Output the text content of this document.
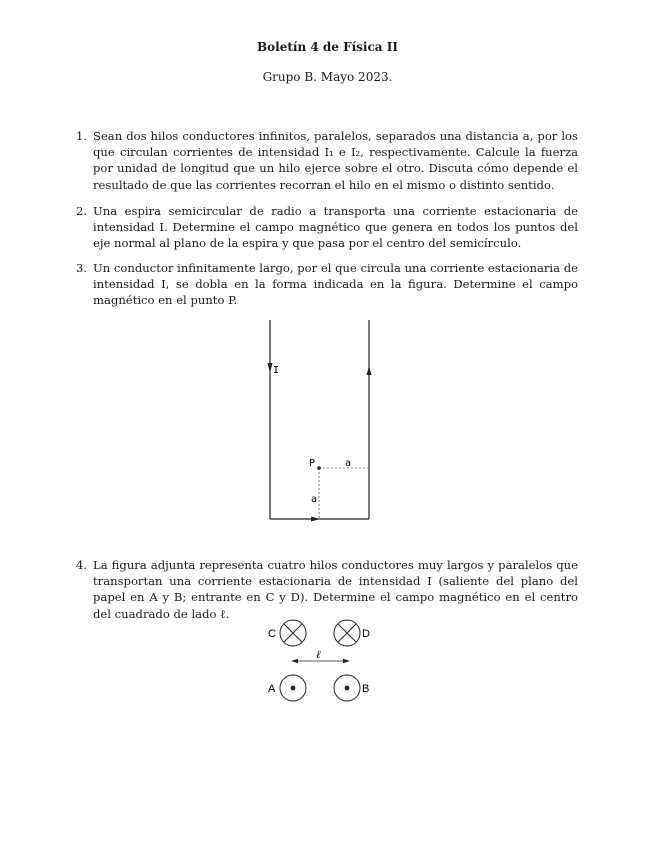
Boletín 4 de Física II
Grupo B. Mayo 2023.
1. Sean dos hilos conductores infinitos, paralelos, separados una distancia a, por los que circulan corrientes de intensidad I₁ e I₂, respectivamente. Calcule la fuerza por unidad de longitud que un hilo ejerce sobre el otro. Discuta cómo depende el resultado de que las corrientes recorran el hilo en el mismo o distinto sentido.
2. Una espira semicircular de radio a transporta una corriente estacionaria de intensidad I. Determine el campo magnético que genera en todos los puntos del eje normal al plano de la espira y que pasa por el centro del semicírculo.
3. Un conductor infinitamente largo, por el que circula una corriente estacionaria de intensidad I, se dobla en la forma indicada en la figura. Determine el campo magnético en el punto P.
I
P	a
a
4. La figura adjunta representa cuatro hilos conductores muy largos y paralelos que transportan una corriente estacionaria de intensidad I (saliente del plano del papel en A y B; entrante en C y D). Determine el campo magnético en el centro del cuadrado de lado ℓ.
ℓ
C	D
A	B
